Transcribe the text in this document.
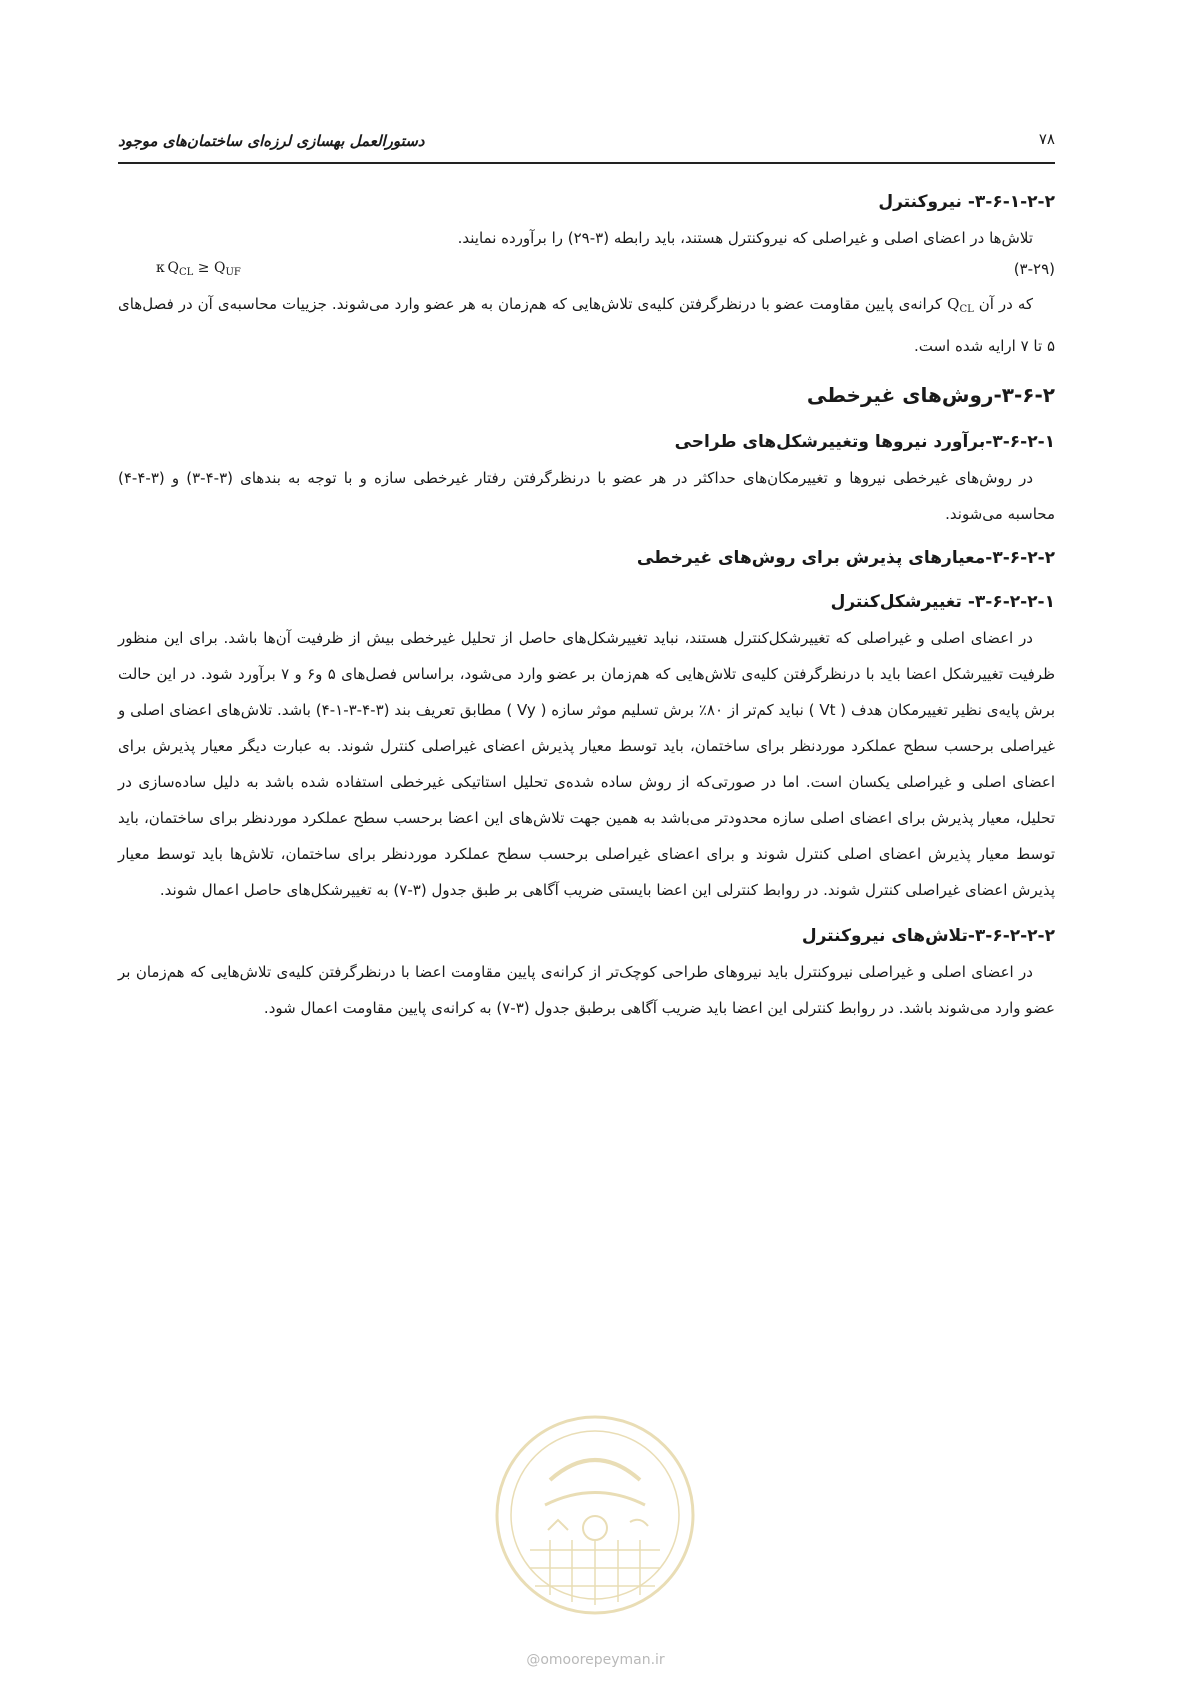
دستورالعمل بهسازی لرزه‌ای ساختمان‌های موجود	۷۸
۳-۶-۱-۲-۲- نیروکنترل

تلاش‌ها در اعضای اصلی و غیراصلی که نیروکنترل هستند، باید رابطه (۳-۲۹) را برآورده نمایند.

(۳-۲۹)
κ  $Q_{CL} \ge Q_{UF}$

که در آن $Q_{CL}$ کرانه‌ی پایین مقاومت عضو با درنظرگرفتن کلیه‌ی تلاش‌هایی که هم‌زمان به هر عضو وارد می‌شوند. جزییات محاسبه‌ی آن در فصل‌های ۵ تا ۷ ارایه شده است.

۳-۶-۲-روش‌های غیرخطی
۳-۶-۲-۱-برآورد نیروها وتغییرشکل‌های طراحی

در روش‌های غیرخطی نیروها و تغییرمکان‌های حداکثر در هر عضو با درنظرگرفتن رفتار غیرخطی سازه و با توجه به بندهای (۳-۴-۳) و (۳-۴-۴) محاسبه می‌شوند.

۳-۶-۲-۲-معیارهای پذیرش برای روش‌های غیرخطی
۳-۶-۲-۲-۱- تغییرشکل‌کنترل

در اعضای اصلی و غیراصلی که تغییرشکل‌کنترل هستند، نباید تغییرشکل‌های حاصل از تحلیل غیرخطی بیش از ظرفیت آن‌ها باشد. برای این منظور ظرفیت تغییرشکل اعضا باید با درنظرگرفتن کلیه‌ی تلاش‌هایی که هم‌زمان بر عضو وارد می‌شود، براساس فصل‌های ۵ و۶ و ۷ برآورد شود. در این حالت برش پایه‌ی نظیر تغییرمکان هدف ( Vt ) نباید کم‌تر از ۸۰٪ برش تسلیم موثر سازه ( Vy ) مطابق تعریف بند (۳-۴-۳-۱-۴) باشد. تلاش‌های اعضای اصلی و غیراصلی برحسب سطح عملکرد موردنظر برای ساختمان، باید توسط معیار پذیرش اعضای غیراصلی کنترل شوند. به عبارت دیگر معیار پذیرش برای اعضای اصلی و غیراصلی یکسان است. اما در صورتی‌که از روش ساده شده‌ی تحلیل استاتیکی غیرخطی استفاده شده باشد به دلیل ساده‌سازی در تحلیل، معیار پذیرش برای اعضای اصلی سازه محدودتر می‌باشد به همین جهت تلاش‌های این اعضا برحسب سطح عملکرد موردنظر برای ساختمان، باید توسط معیار پذیرش اعضای اصلی کنترل شوند و برای اعضای غیراصلی برحسب سطح عملکرد موردنظر برای ساختمان، تلاش‌ها باید توسط معیار پذیرش اعضای غیراصلی کنترل شوند. در روابط کنترلی این اعضا بایستی ضریب آگاهی بر طبق جدول (۳-۷) به تغییرشکل‌های حاصل اعمال شوند.

۳-۶-۲-۲-۲-تلاش‌های نیروکنترل

در اعضای اصلی و غیراصلی نیروکنترل باید نیروهای طراحی کوچک‌تر از کرانه‌ی پایین مقاومت اعضا با درنظرگرفتن کلیه‌ی تلاش‌هایی که هم‌زمان بر عضو وارد می‌شوند باشد. در روابط کنترلی این اعضا باید ضریب آگاهی برطبق جدول (۳-۷) به کرانه‌ی پایین مقاومت اعمال شود.

@omoorepeyman.ir
